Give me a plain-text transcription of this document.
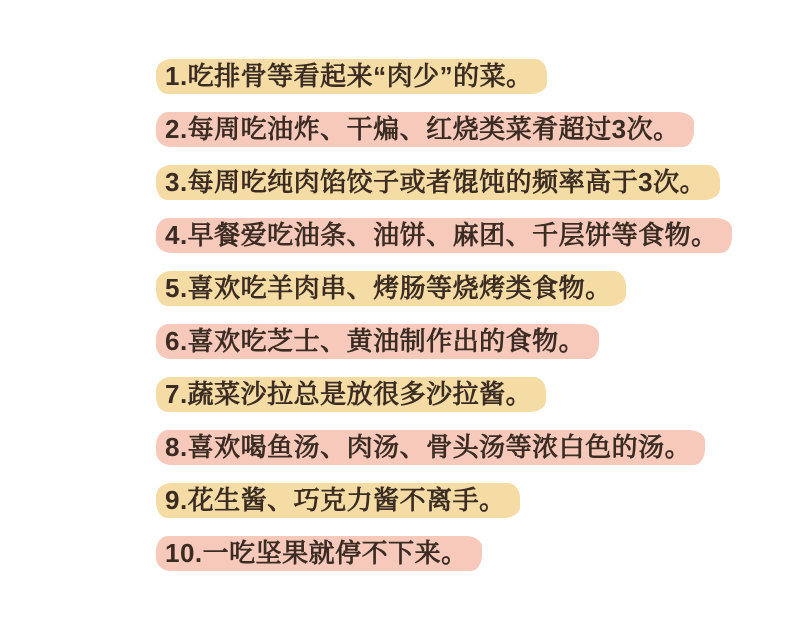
1.吃排骨等看起来“肉少”的菜。
2.每周吃油炸、干煸、红烧类菜肴超过3次。
3.每周吃纯肉馅饺子或者馄饨的频率高于3次。
4.早餐爱吃油条、油饼、麻团、千层饼等食物。
5.喜欢吃羊肉串、烤肠等烧烤类食物。
6.喜欢吃芝士、黄油制作出的食物。
7.蔬菜沙拉总是放很多沙拉酱。
8.喜欢喝鱼汤、肉汤、骨头汤等浓白色的汤。
9.花生酱、巧克力酱不离手。
10.一吃坚果就停不下来。
